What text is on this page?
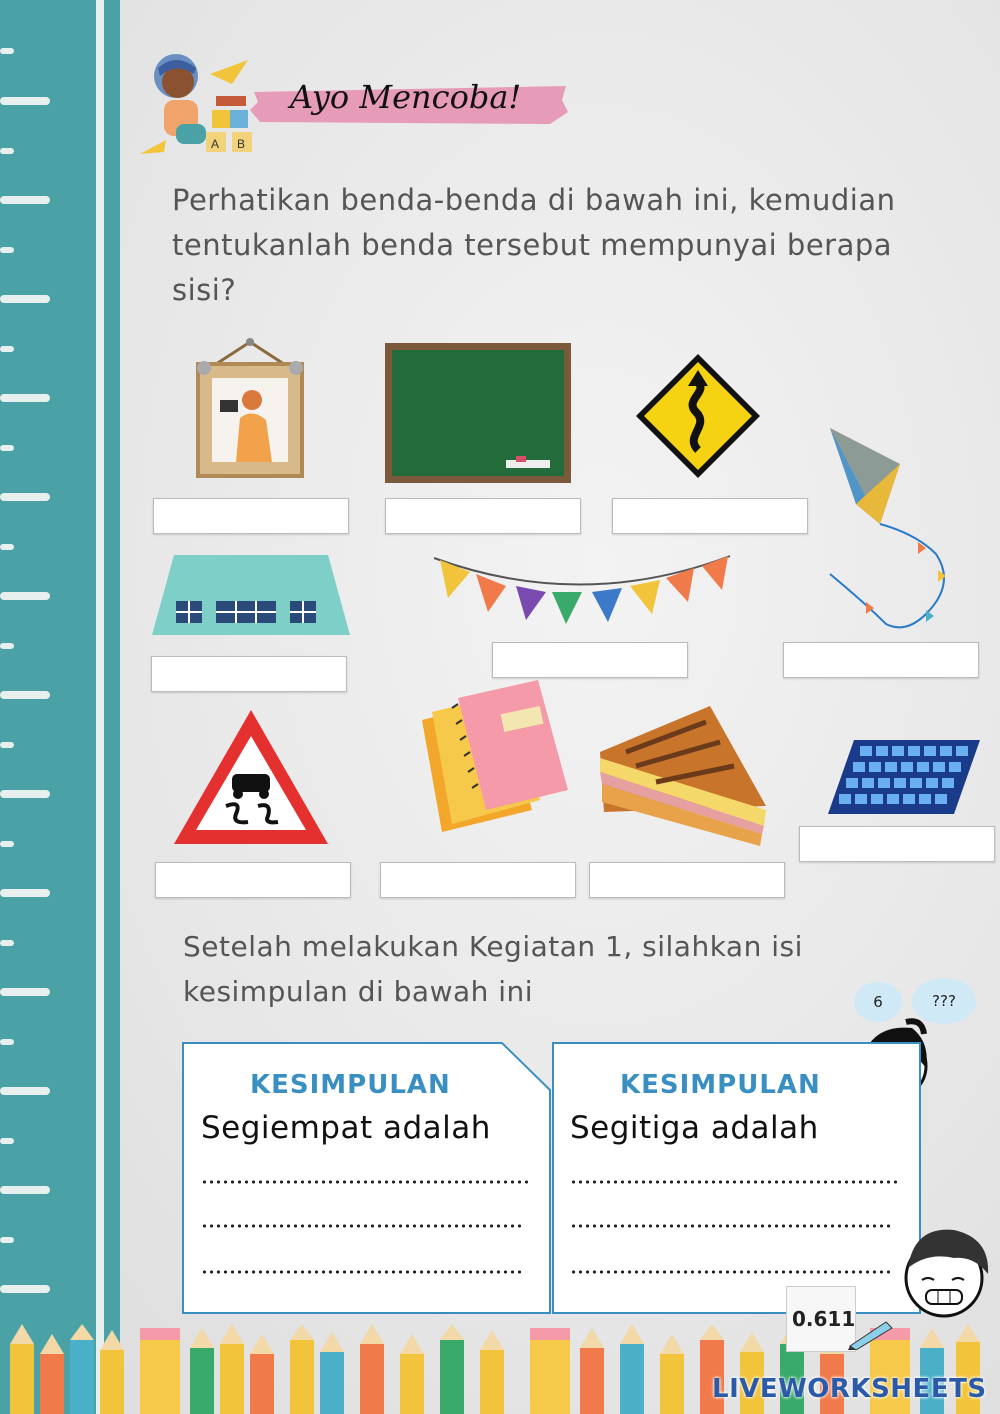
A B
Ayo Mencoba!
Perhatikan benda-benda di bawah ini, kemudian tentukanlah benda tersebut mempunyai berapa sisi?
Setelah melakukan Kegiatan 1, silahkan isi kesimpulan di bawah ini	6	???
KESIMPULAN
Segiempat adalah
KESIMPULAN
Segitiga adalah
0.611
LIVEWORKSHEETS
